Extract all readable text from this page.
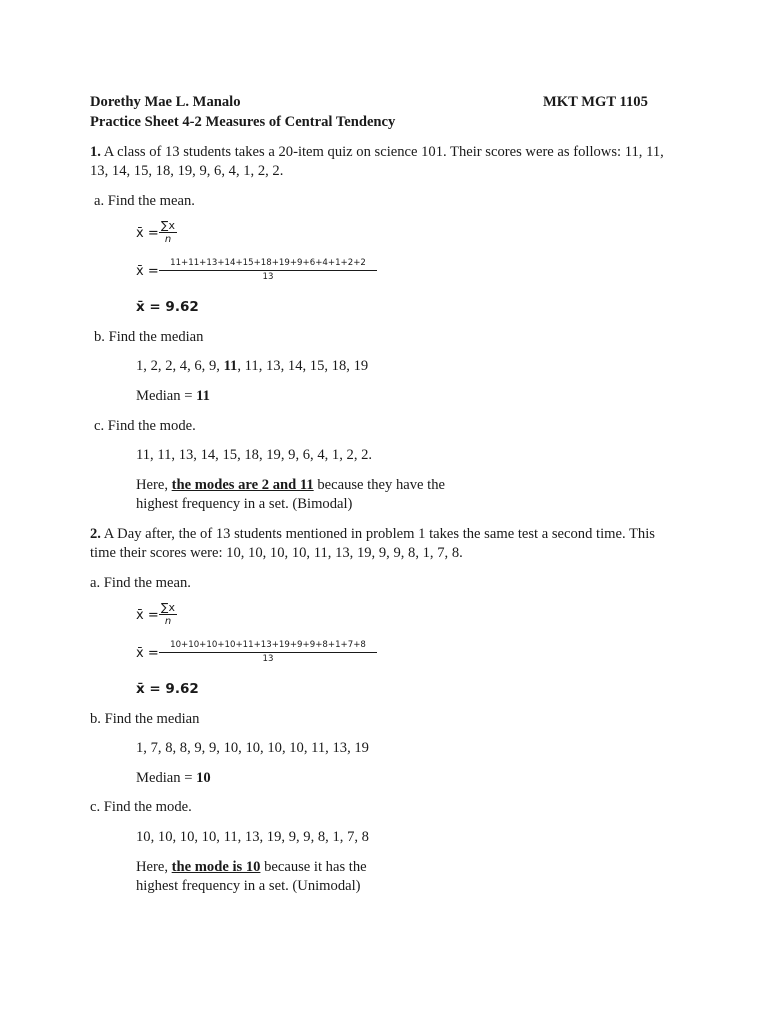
Dorethy Mae L. Manalo	MKT MGT 1105
Practice Sheet 4-2 Measures of Central Tendency
1. A class of 13 students takes a 20-item quiz on science 101. Their scores were as follows: 11, 11,
13, 14, 15, 18, 19, 9, 6, 4, 1, 2, 2.
a. Find the mean.
x̄ =
∑x
n
x̄ =
11+11+13+14+15+18+19+9+6+4+1+2+2
13
x̄ = 9.62
b. Find the median
1, 2, 2, 4, 6, 9, 11, 11, 13, 14, 15, 18, 19
Median = 11
c. Find the mode.
11, 11, 13, 14, 15, 18, 19, 9, 6, 4, 1, 2, 2.
Here, the modes are 2 and 11 because they have the
highest frequency in a set. (Bimodal)
2. A Day after, the of 13 students mentioned in problem 1 takes the same test a second time. This
time their scores were: 10, 10, 10, 10, 11, 13, 19, 9, 9, 8, 1, 7, 8.
a. Find the mean.
x̄ =
∑x
n
x̄ =
10+10+10+10+11+13+19+9+9+8+1+7+8
13
x̄ = 9.62
b. Find the median
1, 7, 8, 8, 9, 9, 10, 10, 10, 10, 11, 13, 19
Median = 10
c. Find the mode.
10, 10, 10, 10, 11, 13, 19, 9, 9, 8, 1, 7, 8
Here, the mode is 10 because it has the
highest frequency in a set. (Unimodal)
